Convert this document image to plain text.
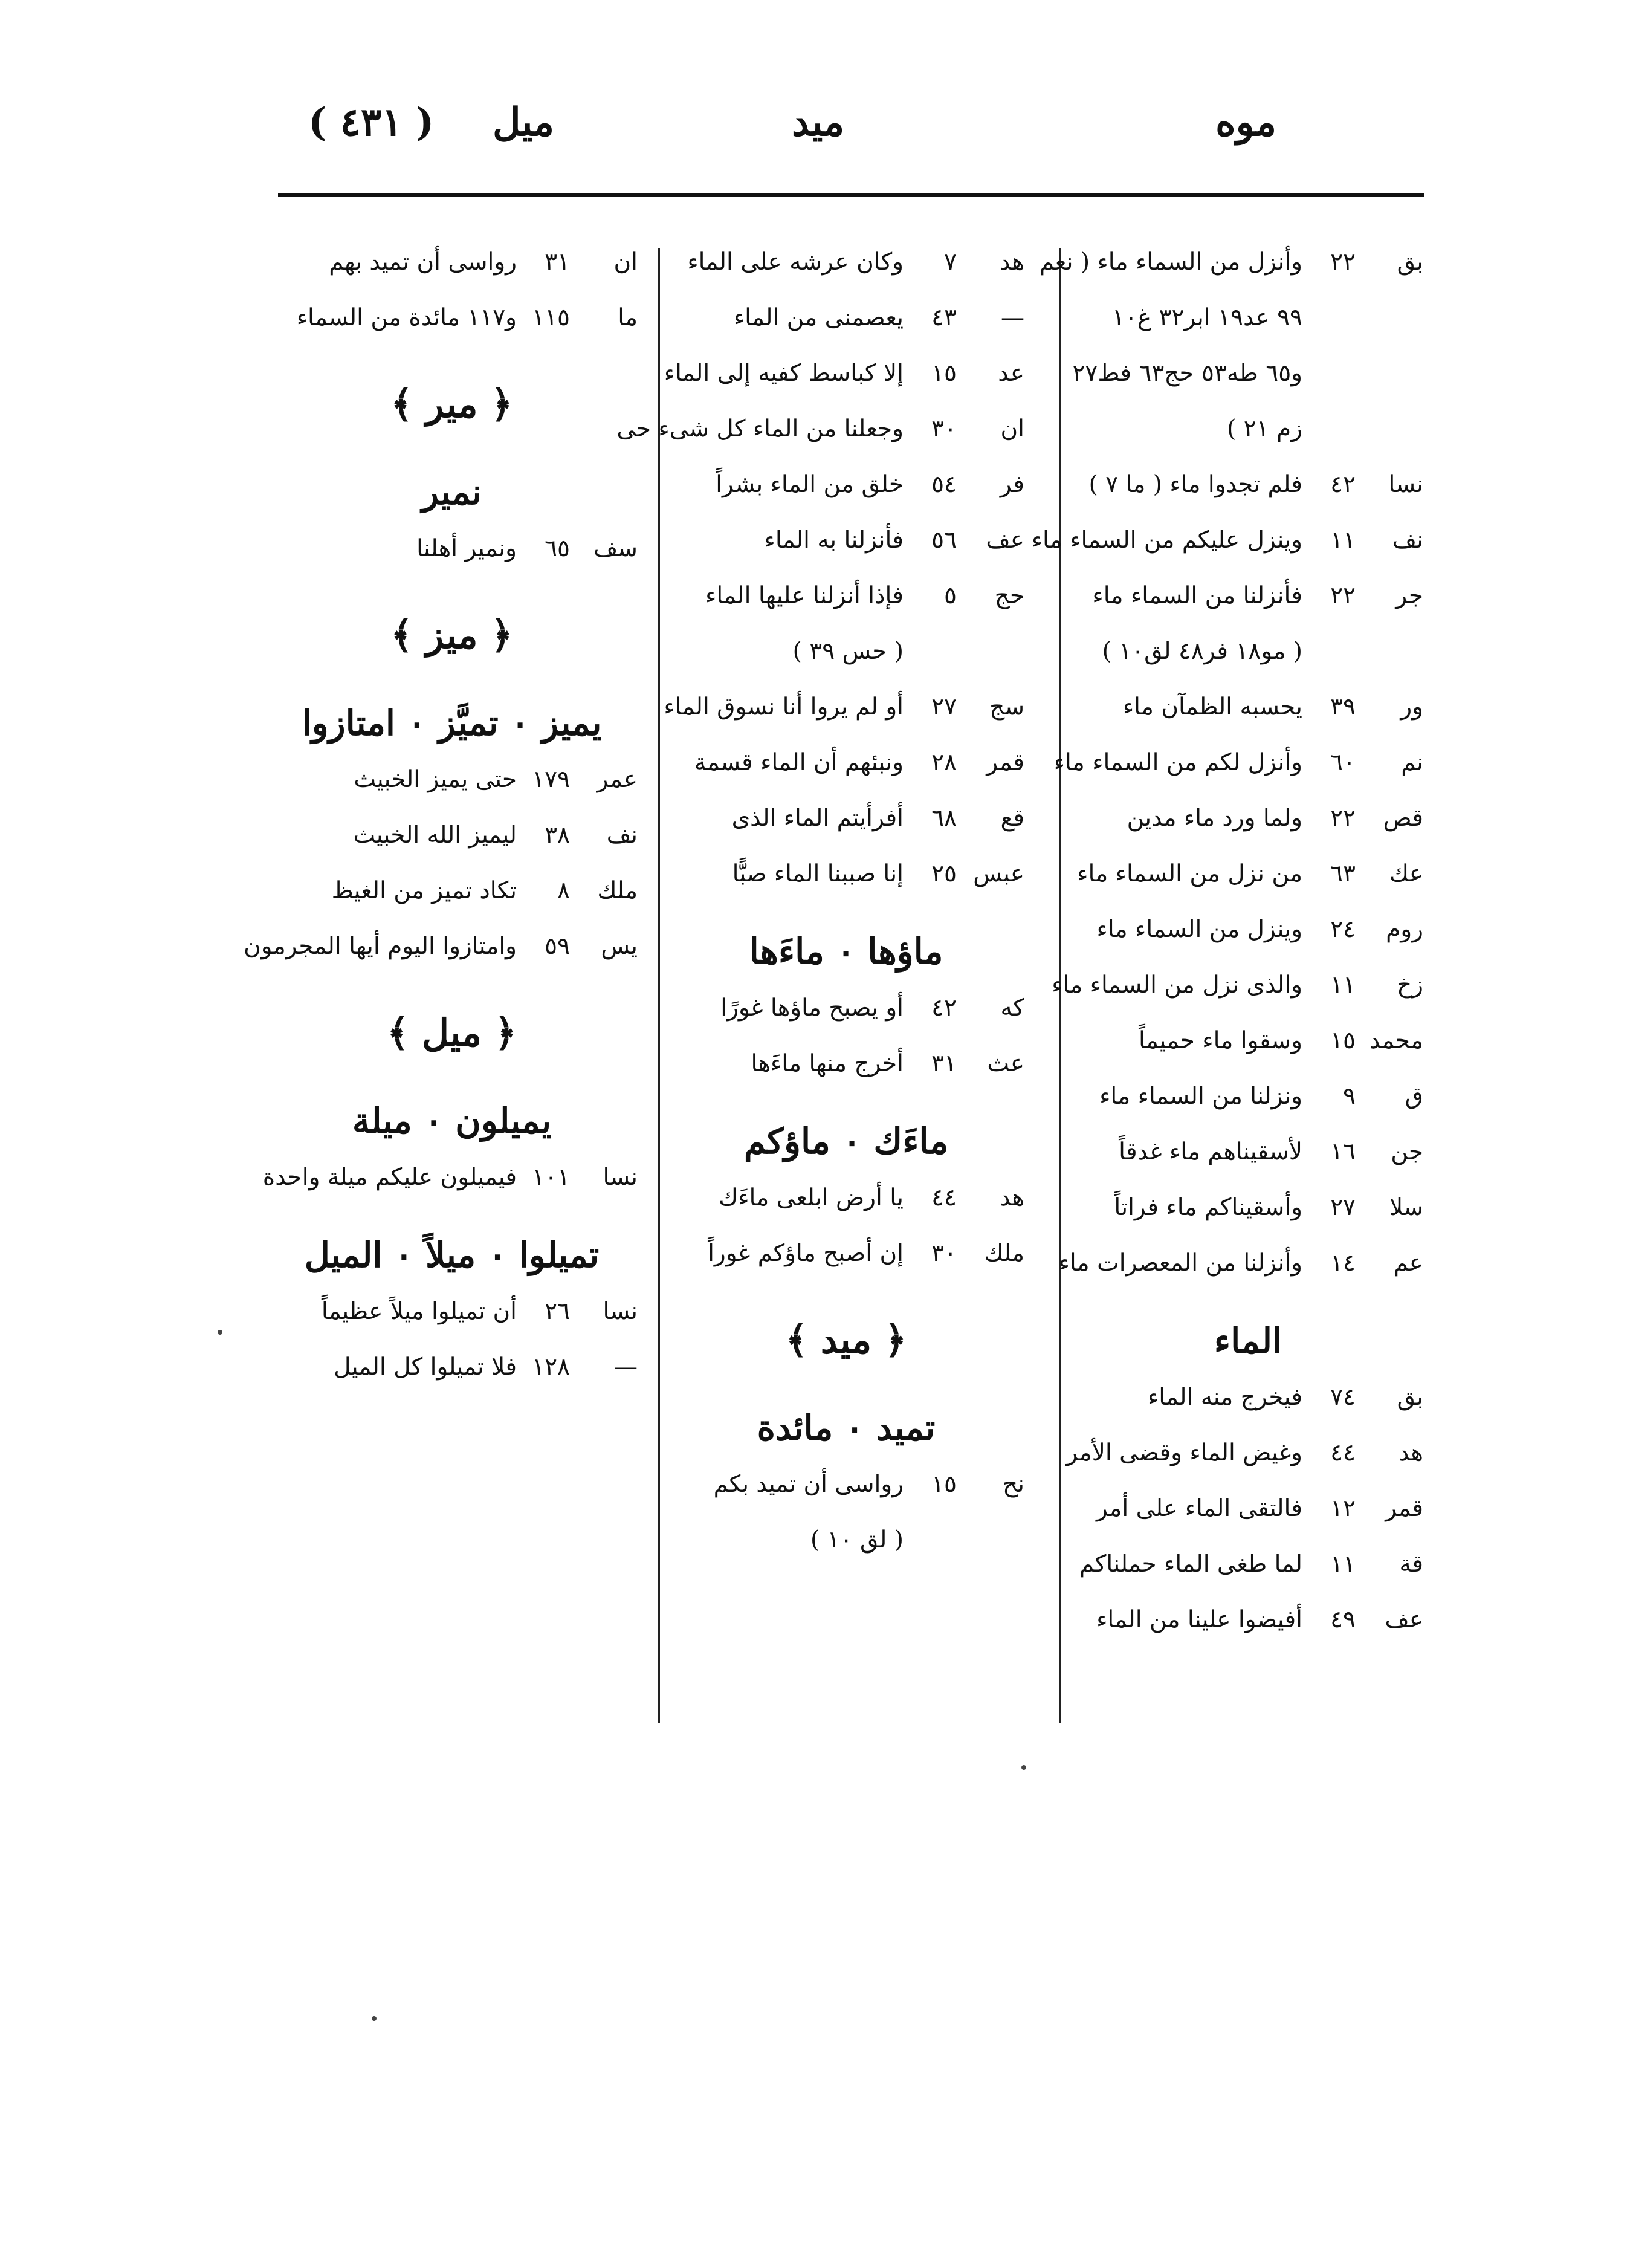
موه
ميد
ميل
( ٤٣١ )
بق
٢٢
وأنزل من السماء ماء ( نعم
٩٩ عد١٩ ابر٣٢ غ١٠
و٦٥ طه٥٣ حج٦٣ فط٢٧
زم ٢١ )
نسا
٤٢
فلم تجدوا ماء ( ما ٧ )
نف
١١
وينزل عليكم من السماء ماء
جر
٢٢
فأنزلنا من السماء ماء
( مو١٨ فر٤٨ لق١٠ )
ور
٣٩
يحسبه الظمآن ماء
نم
٦٠
وأنزل لكم من السماء ماء
قص
٢٢
ولما ورد ماء مدين
عك
٦٣
من نزل من السماء ماء
روم
٢٤
وينزل من السماء ماء
زخ
١١
والذى نزل من السماء ماء
محمد
١٥
وسقوا ماء حميماً
ق
٩
ونزلنا من السماء ماء
جن
١٦
لأسقيناهم ماء غدقاً
سلا
٢٧
وأسقيناكم ماء فراتاً
عم
١٤
وأنزلنا من المعصرات ماء
الماء
بق
٧٤
فيخرج منه الماء
هد
٤٤
وغيض الماء وقضى الأمر
قمر
١٢
فالتقى الماء على أمر
قة
١١
لما طغى الماء حملناكم
عف
٤٩
أفيضوا علينا من الماء
هد
٧
وكان عرشه على الماء
—
٤٣
يعصمنى من الماء
عد
١٥
إلا كباسط كفيه إلى الماء
ان
٣٠
وجعلنا من الماء كل شىء حى
فر
٥٤
خلق من الماء بشراً
عف
٥٦
فأنزلنا به الماء
حج
٥
فإذا أنزلنا عليها الماء
( حس ٣٩ )
سج
٢٧
أو لم يروا أنا نسوق الماء
قمر
٢٨
ونبئهم أن الماء قسمة
قع
٦٨
أفرأيتم الماء الذى
عبس
٢٥
إنا صببنا الماء صبًّا
ماؤها ٠ ماءَها
كه
٤٢
أو يصبح ماؤها غورًا
عث
٣١
أخرج منها ماءَها
ماءَك ٠ ماؤكم
هد
٤٤
يا أرض ابلعى ماءَك
ملك
٣٠
إن أصبح ماؤكم غوراً
﴿ ميد ﴾
تميد ٠ مائدة
نح
١٥
رواسى أن تميد بكم
( لق ١٠ )
ان
٣١
رواسى أن تميد بهم
ما
١١٥
و١١٧ مائدة من السماء
﴿ مير ﴾
نمير
سف
٦٥
ونمير أهلنا
﴿ ميز ﴾
يميز ٠ تميَّز ٠ امتازوا
عمر
١٧٩
حتى يميز الخبيث
نف
٣٨
ليميز الله الخبيث
ملك
٨
تكاد تميز من الغيظ
يس
٥٩
وامتازوا اليوم أيها المجرمون
﴿ ميل ﴾
يميلون ٠ ميلة
نسا
١٠١
فيميلون عليكم ميلة واحدة
تميلوا ٠ ميلاً ٠ الميل
نسا
٢٦
أن تميلوا ميلاً عظيماً
—
١٢٨
فلا تميلوا كل الميل
